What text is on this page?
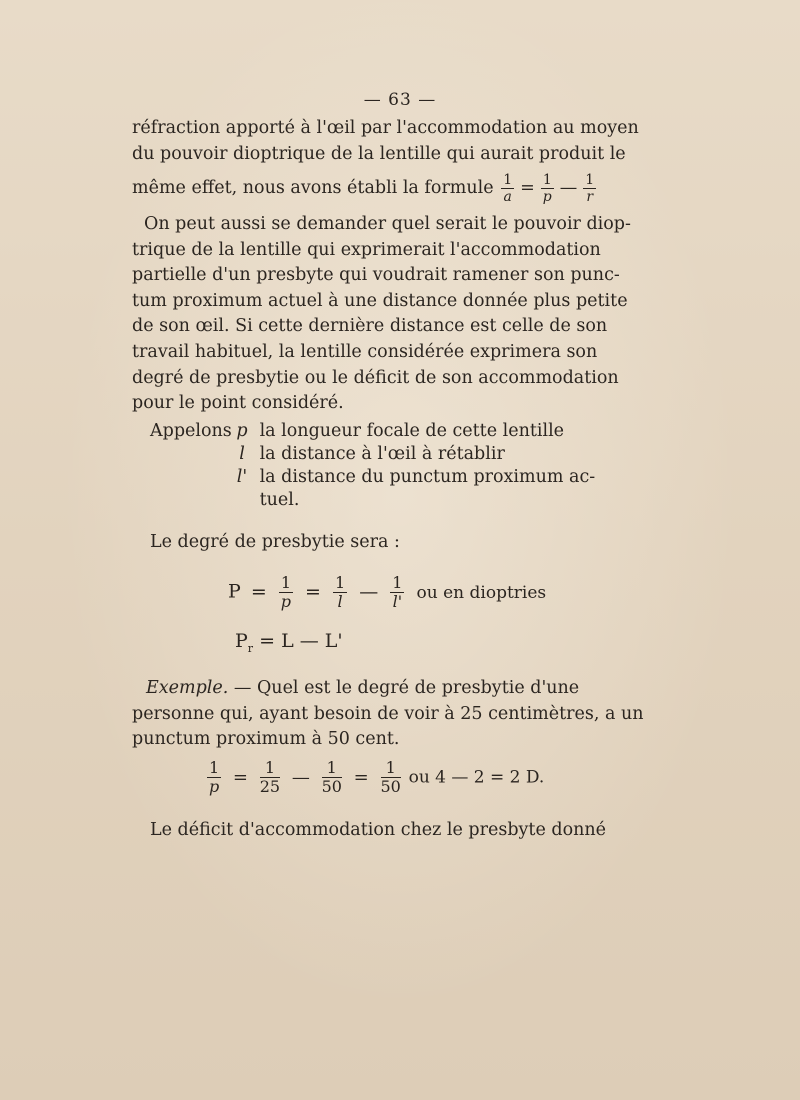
— 63 —
réfraction apporté à l'œil par l'accommodation au moyen
du pouvoir dioptrique de la lentille qui aurait produit le
même effet, nous avons établi la formule $\frac{1}{a} = \frac{1}{p}$ — $\frac{1}{r}$
On peut aussi se demander quel serait le pouvoir diop-
trique de la lentille qui exprimerait l'accommodation
partielle d'un presbyte qui voudrait ramener son punc-
tum proximum actuel à une distance donnée plus petite
de son œil. Si cette dernière distance est celle de son
travail habituel, la lentille considérée exprimera son
degré de presbytie ou le déficit de son accommodation
pour le point considéré.
Appelons p la longueur focale de cette lentille
l la distance à l'œil à rétablir
l' la distance du punctum proximum ac-
tuel.
Le degré de presbytie sera :
$P = \frac{1}{p} = \frac{1}{l}$ — $\frac{1}{l'}$ ou en dioptries
$P_r = L$ — L'
Exemple. — Quel est le degré de presbytie d'une
personne qui, ayant besoin de voir à 25 centimètres, a un
punctum proximum à 50 cent.
$\frac{1}{p} = \frac{1}{25}$ — $\frac{1}{50} = \frac{1}{50}$ ou 4 — 2 = 2 D.
Le déficit d'accommodation chez le presbyte donné
